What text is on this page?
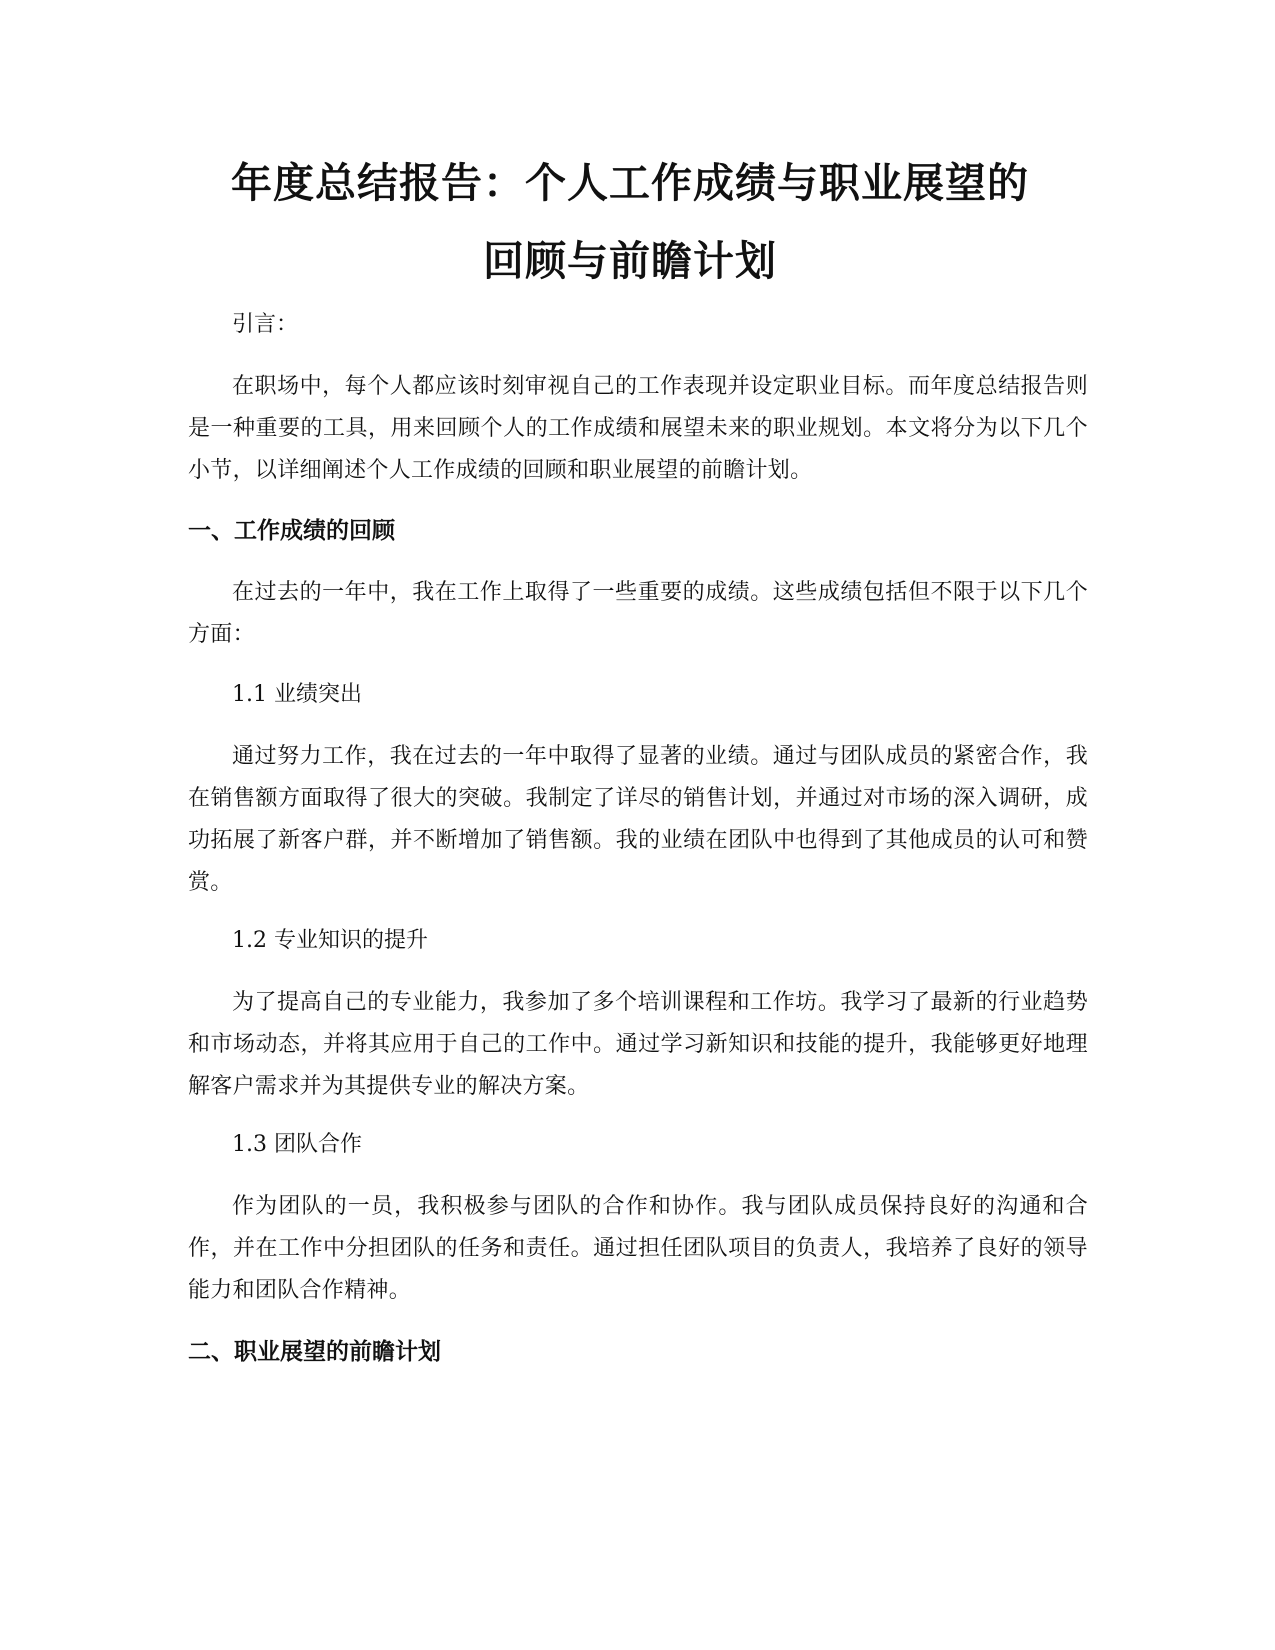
年度总结报告：个人工作成绩与职业展望的
回顾与前瞻计划

引言：

在职场中，每个人都应该时刻审视自己的工作表现并设定职业目标。而年度总结报告则是一种重要的工具，用来回顾个人的工作成绩和展望未来的职业规划。本文将分为以下几个小节，以详细阐述个人工作成绩的回顾和职业展望的前瞻计划。

一、工作成绩的回顾

在过去的一年中，我在工作上取得了一些重要的成绩。这些成绩包括但不限于以下几个方面：

1.1 业绩突出

通过努力工作，我在过去的一年中取得了显著的业绩。通过与团队成员的紧密合作，我在销售额方面取得了很大的突破。我制定了详尽的销售计划，并通过对市场的深入调研，成功拓展了新客户群，并不断增加了销售额。我的业绩在团队中也得到了其他成员的认可和赞赏。

1.2 专业知识的提升

为了提高自己的专业能力，我参加了多个培训课程和工作坊。我学习了最新的行业趋势和市场动态，并将其应用于自己的工作中。通过学习新知识和技能的提升，我能够更好地理解客户需求并为其提供专业的解决方案。

1.3 团队合作

作为团队的一员，我积极参与团队的合作和协作。我与团队成员保持良好的沟通和合作，并在工作中分担团队的任务和责任。通过担任团队项目的负责人，我培养了良好的领导能力和团队合作精神。

二、职业展望的前瞻计划
